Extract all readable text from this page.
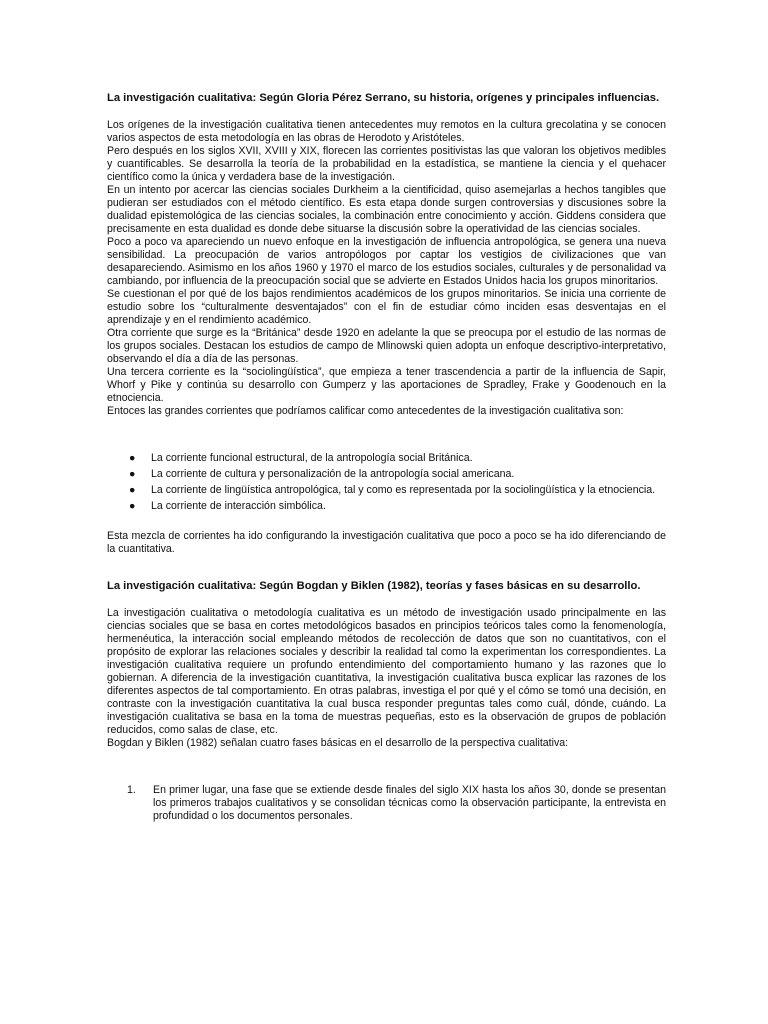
La investigación cualitativa: Según Gloria Pérez Serrano, su historia, orígenes y principales influencias.

Los orígenes de la investigación cualitativa tienen antecedentes muy remotos en la cultura grecolatina y se conocen varios aspectos de esta metodología en las obras de Herodoto y Aristóteles.

Pero después en los siglos XVII, XVIII y XIX, florecen las corrientes positivistas las que valoran los objetivos medibles y cuantificables. Se desarrolla la teoría de la probabilidad en la estadística, se mantiene la ciencia y el quehacer científico como la única y verdadera base de la investigación.

En un intento por acercar las ciencias sociales Durkheim a la cientificidad, quiso asemejarlas a hechos tangibles que pudieran ser estudiados con el método científico. Es esta etapa donde surgen controversias y discusiones sobre la dualidad epistemológica de las ciencias sociales, la combinación entre conocimiento y acción. Giddens considera que precisamente en esta dualidad es donde debe situarse la discusión sobre la operatividad de las ciencias sociales.

Poco a poco va apareciendo un nuevo enfoque en la investigación de influencia antropológica, se genera una nueva sensibilidad. La preocupación de varios antropólogos por captar los vestigios de civilizaciones que van desapareciendo. Asimismo en los años 1960 y 1970 el marco de los estudios sociales, culturales y de personalidad va cambiando, por influencia de la preocupación social que se advierte en Estados Unidos hacia los grupos minoritarios.

Se cuestionan el por qué de los bajos rendimientos académicos de los grupos minoritarios. Se inicia una corriente de estudio sobre los “culturalmente desventajados” con el fin de estudiar cómo inciden esas desventajas en el aprendizaje y en el rendimiento académico.

Otra corriente que surge es la “Británica” desde 1920 en adelante la que se preocupa por el estudio de las normas de los grupos sociales. Destacan los estudios de campo de Mlinowski quien adopta un enfoque descriptivo-interpretativo, observando el día a día de las personas.

Una tercera corriente es la “sociolingüística”, que empieza a tener trascendencia a partir de la influencia de Sapir, Whorf y Pike y continúa su desarrollo con Gumperz y las aportaciones de Spradley, Frake y Goodenouch en la etnociencia.

Entoces las grandes corrientes que podríamos calificar como antecedentes de la investigación cualitativa son:

● La corriente funcional estructural, de la antropología social Británica.
● La corriente de cultura y personalización de la antropología social americana.
● La corriente de lingüística antropológica, tal y como es representada por la sociolingüística y la etnociencia.
● La corriente de interacción simbólica.

Esta mezcla de corrientes ha ido configurando la investigación cualitativa que poco a poco se ha ido diferenciando de la cuantitativa.

La investigación cualitativa: Según Bogdan y Biklen (1982), teorías y fases básicas en su desarrollo.

La investigación cualitativa o metodología cualitativa es un método de investigación usado principalmente en las ciencias sociales que se basa en cortes metodológicos basados en principios teóricos tales como la fenomenología, hermenéutica, la interacción social empleando métodos de recolección de datos que son no cuantitativos, con el propósito de explorar las relaciones sociales y describir la realidad tal como la experimentan los correspondientes. La investigación cualitativa requiere un profundo entendimiento del comportamiento humano y las razones que lo gobiernan. A diferencia de la investigación cuantitativa, la investigación cualitativa busca explicar las razones de los diferentes aspectos de tal comportamiento. En otras palabras, investiga el por qué y el cómo se tomó una decisión, en contraste con la investigación cuantitativa la cual busca responder preguntas tales como cuál, dónde, cuándo. La investigación cualitativa se basa en la toma de muestras pequeñas, esto es la observación de grupos de población reducidos, como salas de clase, etc.

Bogdan y Biklen (1982) señalan cuatro fases básicas en el desarrollo de la perspectiva cualitativa:

1. En primer lugar, una fase que se extiende desde finales del siglo XIX hasta los años 30, donde se presentan los primeros trabajos cualitativos y se consolidan técnicas como la observación participante, la entrevista en profundidad o los documentos personales.
